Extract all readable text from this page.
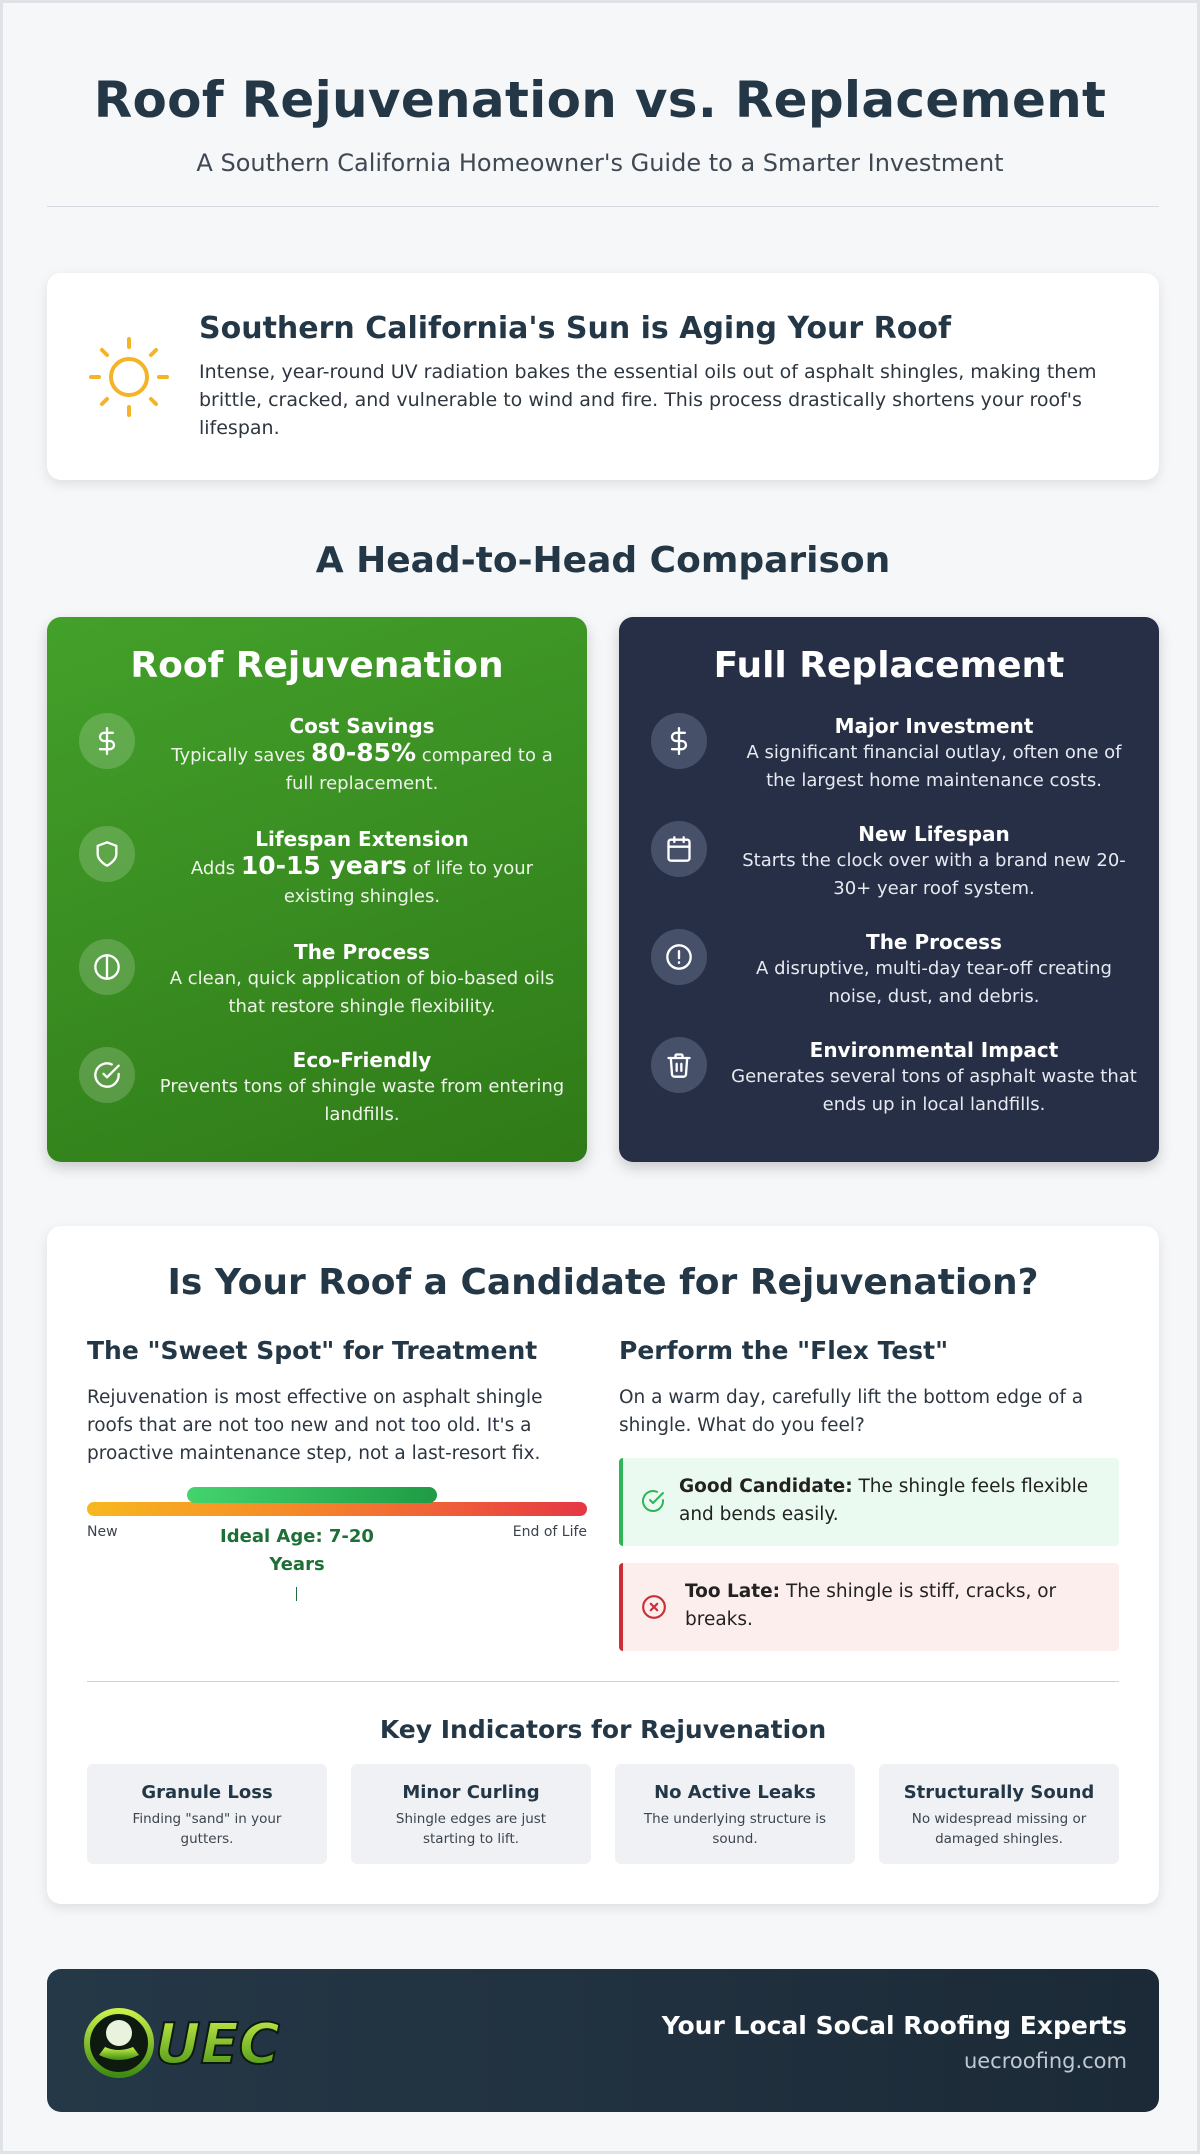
Roof Rejuvenation vs. Replacement
A Southern California Homeowner's Guide to a Smarter Investment
Southern California's Sun is Aging Your Roof

Intense, year-round UV radiation bakes the essential oils out of asphalt shingles, making them brittle, cracked, and vulnerable to wind and fire. This process drastically shortens your roof's lifespan.

A Head-to-Head Comparison
Roof Rejuvenation
Cost Savings
Typically saves 80-85% compared to a full replacement.
Lifespan Extension
Adds 10-15 years of life to your existing shingles.
The Process
A clean, quick application of bio-based oils that restore shingle flexibility.
Eco-Friendly
Prevents tons of shingle waste from entering landfills.
Full Replacement
Major Investment
A significant financial outlay, often one of the largest home maintenance costs.
New Lifespan
Starts the clock over with a brand new 20-30+ year roof system.
The Process
A disruptive, multi-day tear-off creating noise, dust, and debris.
Environmental Impact
Generates several tons of asphalt waste that ends up in local landfills.
Is Your Roof a Candidate for Rejuvenation?
The "Sweet Spot" for Treatment
Rejuvenation is most effective on asphalt shingle roofs that are not too new and not too old. It's a proactive maintenance step, not a last-resort fix.
New	End of Life
Ideal Age: 7-20 Years
Perform the "Flex Test"
On a warm day, carefully lift the bottom edge of a shingle. What do you feel?
Good Candidate: The shingle feels flexible and bends easily.
Too Late: The shingle is stiff, cracks, or breaks.
Key Indicators for Rejuvenation
Granule Loss
Finding "sand" in your gutters.
Minor Curling
Shingle edges are just starting to lift.
No Active Leaks
The underlying structure is sound.
Structurally Sound
No widespread missing or damaged shingles.
UEC	Your Local SoCal Roofing Experts
uecroofing.com
